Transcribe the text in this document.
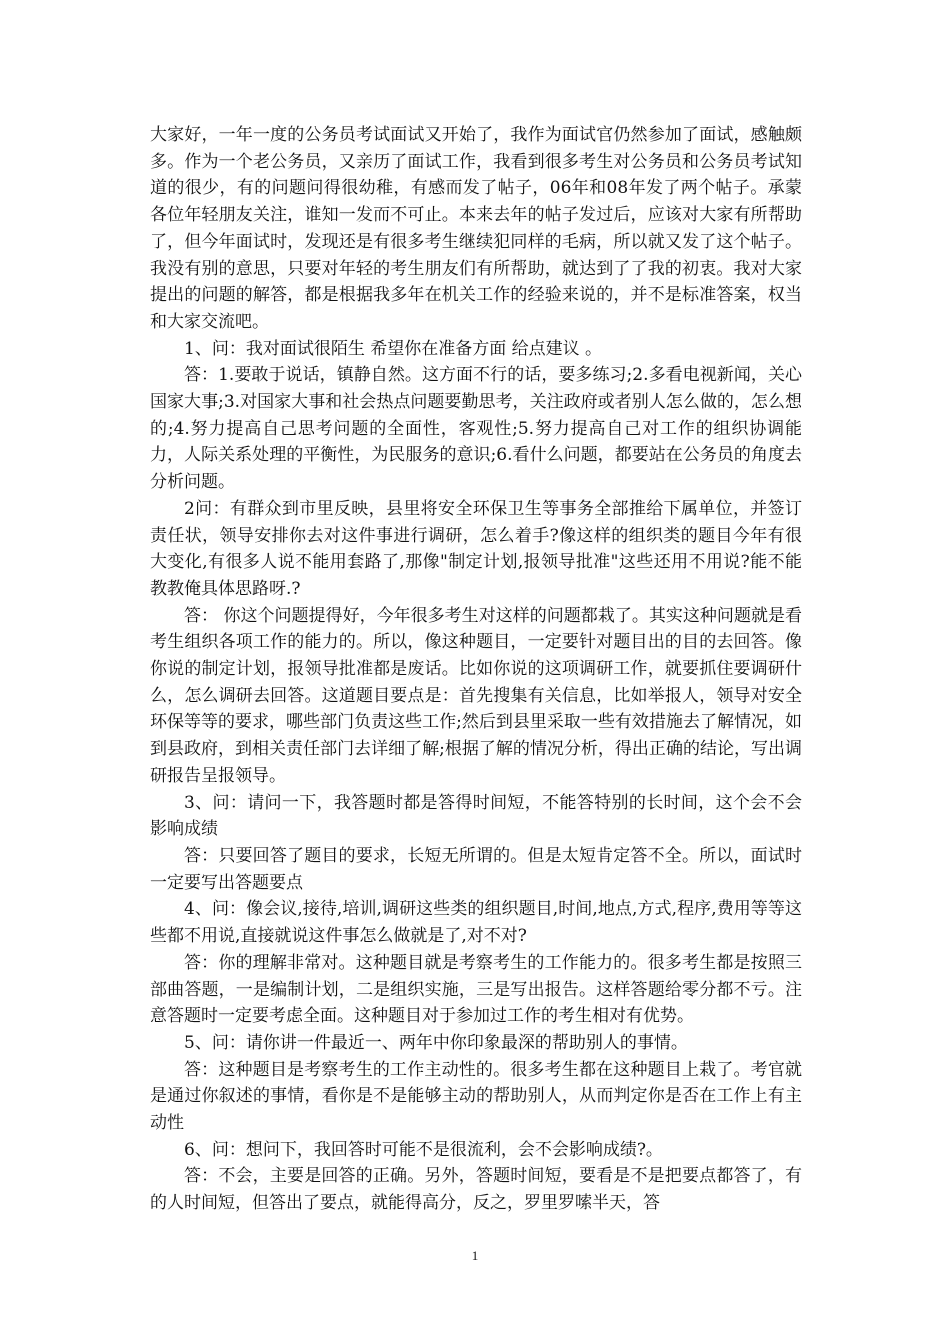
大家好，一年一度的公务员考试面试又开始了，我作为面试官仍然参加了面试，感触颇多。作为一个老公务员，又亲历了面试工作，我看到很多考生对公务员和公务员考试知道的很少，有的问题问得很幼稚，有感而发了帖子，06年和08年发了两个帖子。承蒙各位年轻朋友关注，谁知一发而不可止。本来去年的帖子发过后，应该对大家有所帮助了，但今年面试时，发现还是有很多考生继续犯同样的毛病，所以就又发了这个帖子。我没有别的意思，只要对年轻的考生朋友们有所帮助，就达到了了我的初衷。我对大家提出的问题的解答，都是根据我多年在机关工作的经验来说的，并不是标准答案，权当和大家交流吧。

1、问：我对面试很陌生 希望你在准备方面 给点建议 。

答：1.要敢于说话，镇静自然。这方面不行的话，要多练习;2.多看电视新闻，关心国家大事;3.对国家大事和社会热点问题要勤思考，关注政府或者别人怎么做的，怎么想的;4.努力提高自己思考问题的全面性，客观性;5.努力提高自己对工作的组织协调能力，人际关系处理的平衡性，为民服务的意识;6.看什么问题，都要站在公务员的角度去分析问题。

2问：有群众到市里反映，县里将安全环保卫生等事务全部推给下属单位，并签订责任状，领导安排你去对这件事进行调研，怎么着手?像这样的组织类的题目今年有很大变化,有很多人说不能用套路了,那像"制定计划,报领导批准"这些还用不用说?能不能教教俺具体思路呀.?

答： 你这个问题提得好，今年很多考生对这样的问题都栽了。其实这种问题就是看考生组织各项工作的能力的。所以，像这种题目，一定要针对题目出的目的去回答。像你说的制定计划，报领导批准都是废话。比如你说的这项调研工作，就要抓住要调研什么，怎么调研去回答。这道题目要点是：首先搜集有关信息，比如举报人，领导对安全环保等等的要求，哪些部门负责这些工作;然后到县里采取一些有效措施去了解情况，如到县政府，到相关责任部门去详细了解;根据了解的情况分析，得出正确的结论，写出调研报告呈报领导。

3、问：请问一下，我答题时都是答得时间短，不能答特别的长时间，这个会不会影响成绩

答：只要回答了题目的要求，长短无所谓的。但是太短肯定答不全。所以，面试时一定要写出答题要点

4、问：像会议,接待,培训,调研这些类的组织题目,时间,地点,方式,程序,费用等等这些都不用说,直接就说这件事怎么做就是了,对不对?

答：你的理解非常对。这种题目就是考察考生的工作能力的。很多考生都是按照三部曲答题，一是编制计划，二是组织实施，三是写出报告。这样答题给零分都不亏。注意答题时一定要考虑全面。这种题目对于参加过工作的考生相对有优势。

5、问：请你讲一件最近一、两年中你印象最深的帮助别人的事情。

答：这种题目是考察考生的工作主动性的。很多考生都在这种题目上栽了。考官就是通过你叙述的事情，看你是不是能够主动的帮助别人，从而判定你是否在工作上有主动性

6、问：想问下，我回答时可能不是很流利，会不会影响成绩?。

答：不会，主要是回答的正确。另外，答题时间短，要看是不是把要点都答了，有的人时间短，但答出了要点，就能得高分，反之，罗里罗嗦半天，答

1
